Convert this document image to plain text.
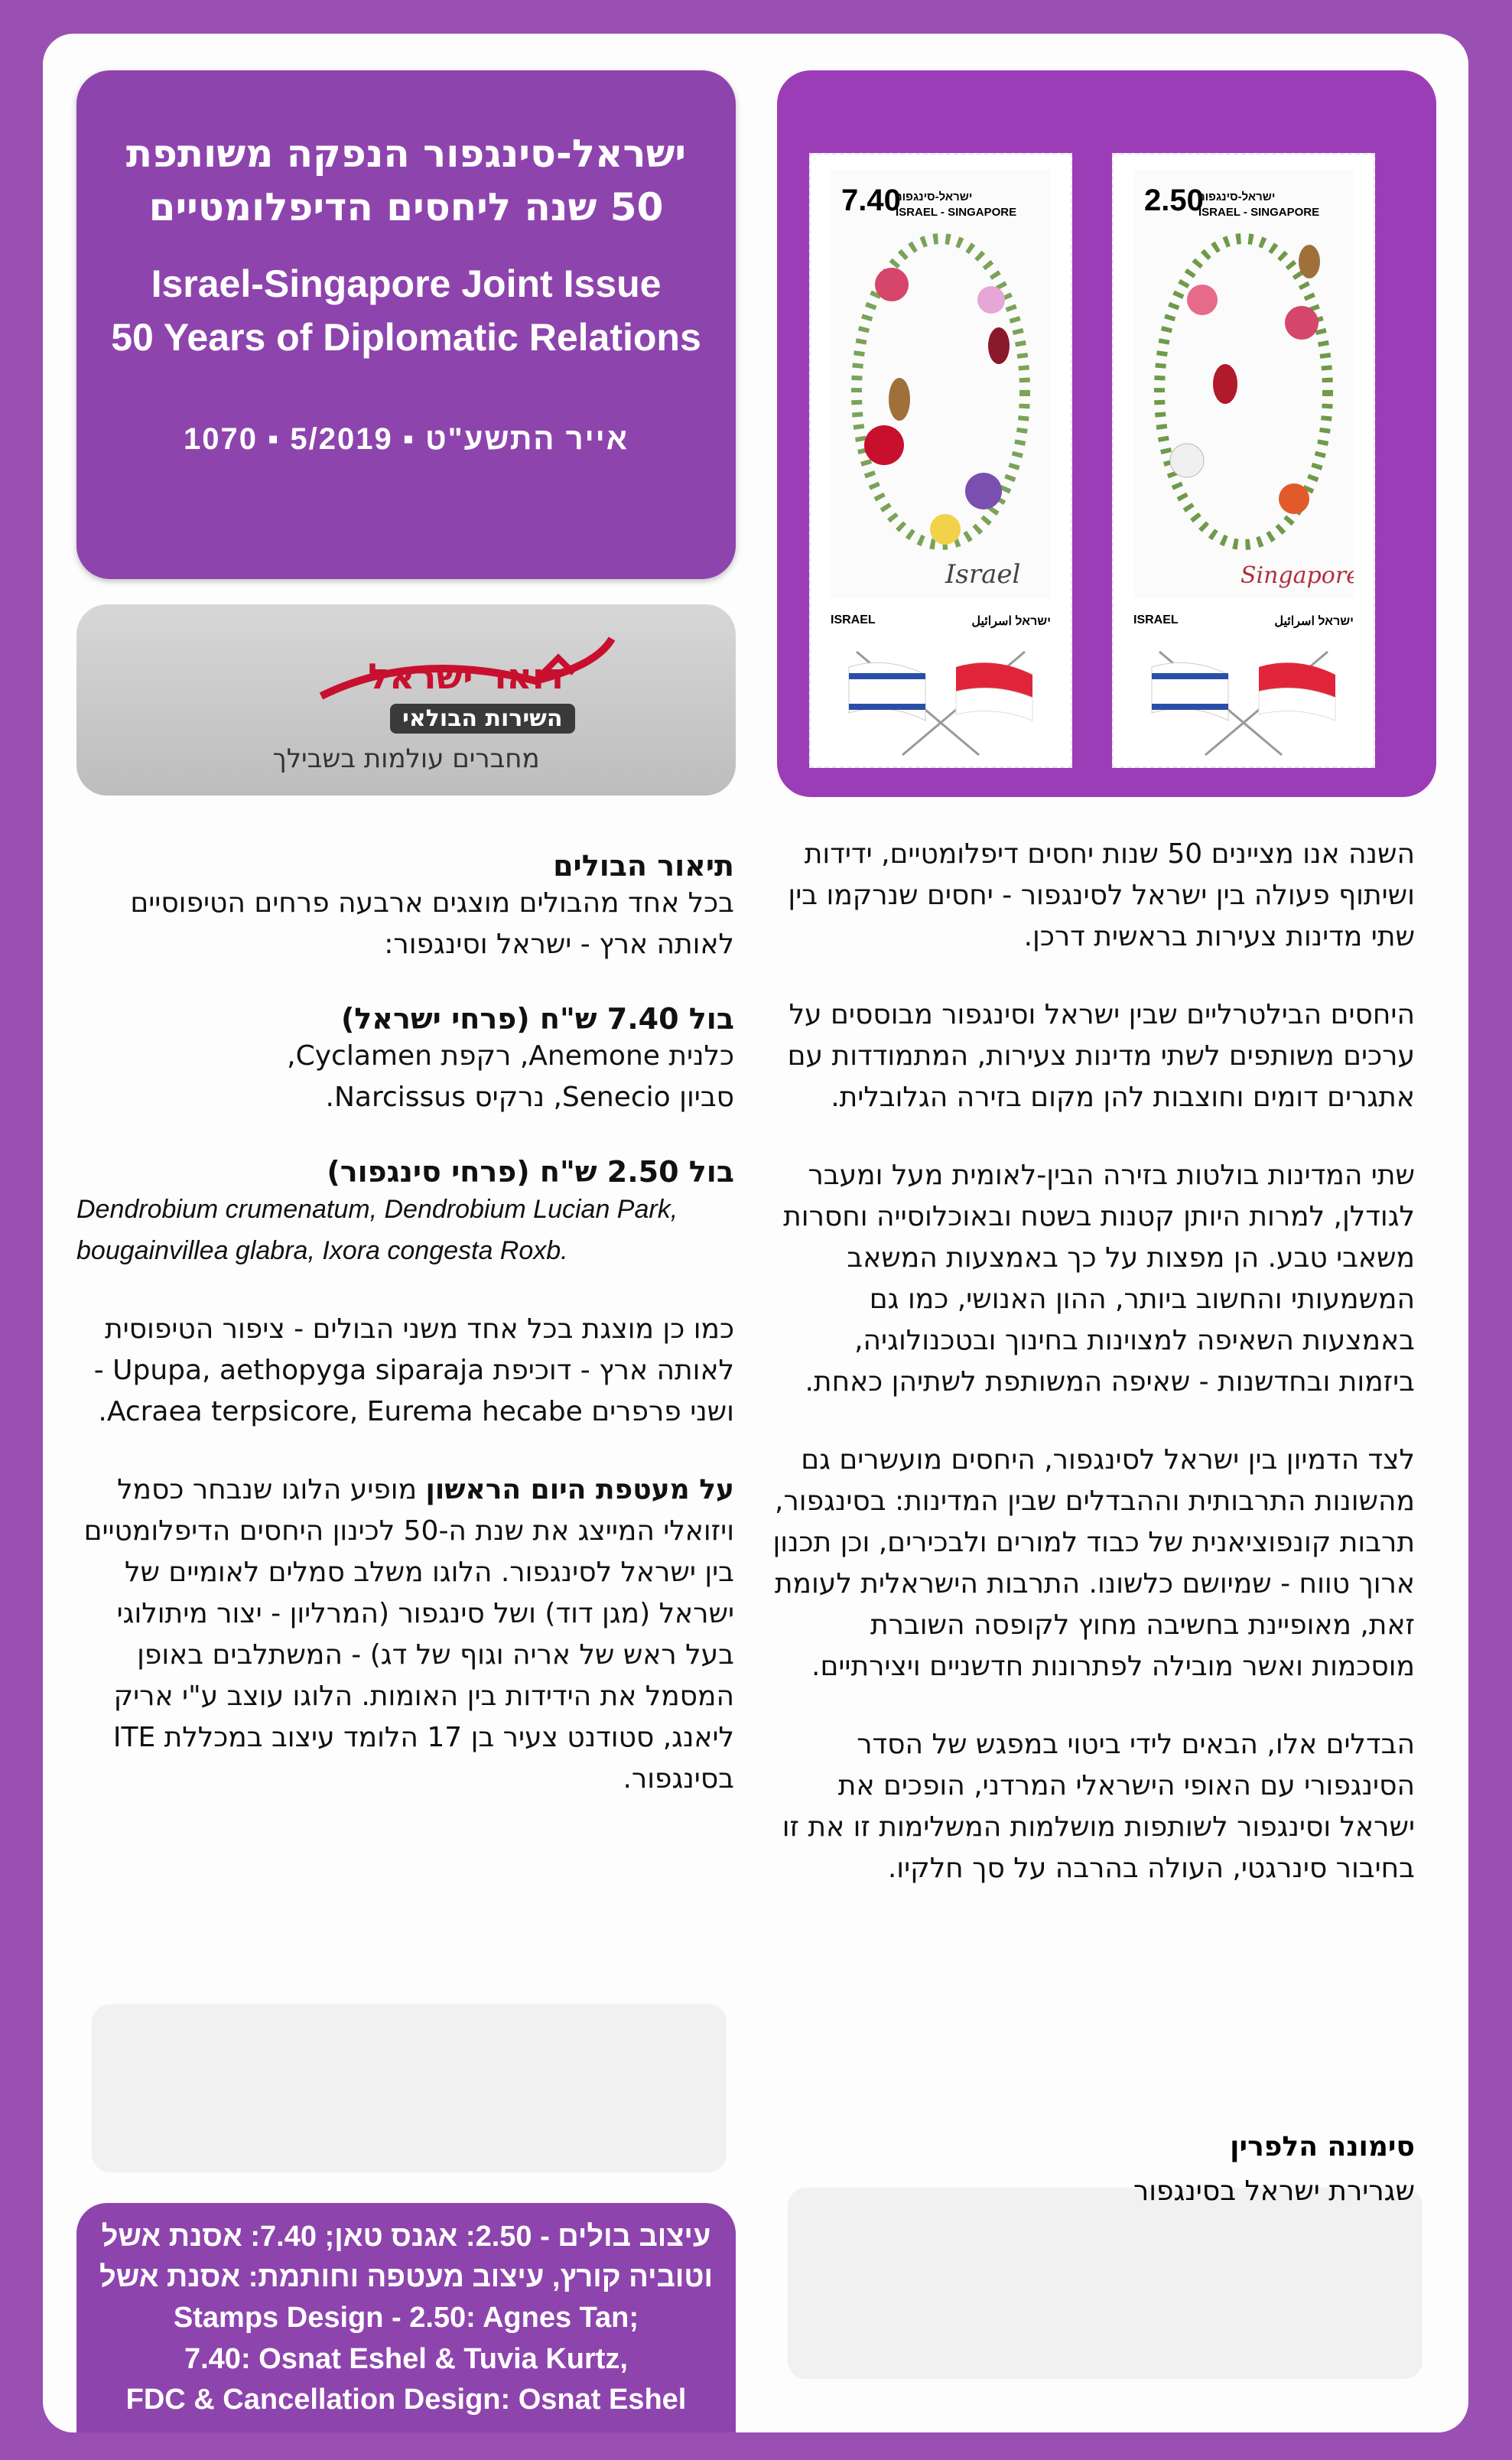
ישראל-סינגפור הנפקה משותפת
50 שנה ליחסים הדיפלומטיים
Israel-Singapore Joint Issue
50 Years of Diplomatic Relations
1070 ▪ 5/2019 ▪ אייר התשע"ט
דואר ישראל
השירות הבולאי
מחברים עולמות בשבילך
Israel
7.40
ישראל-סינגפור
ISRAEL - SINGAPORE
ISRAEL	ישראל اسرائيل
Singapore
2.50
ישראל-סינגפור
ISRAEL - SINGAPORE
ISRAEL	ישראל اسرائيل

השנה אנו מציינים 50 שנות יחסים דיפלומטיים, ידידות ושיתוף פעולה בין ישראל לסינגפור - יחסים שנרקמו בין שתי מדינות צעירות בראשית דרכן.

היחסים הבילטרליים שבין ישראל וסינגפור מבוססים על ערכים משותפים לשתי מדינות צעירות, המתמודדות עם אתגרים דומים וחוצבות להן מקום בזירה הגלובלית.

שתי המדינות בולטות בזירה הבין-לאומית מעל ומעבר לגודלן, למרות היותן קטנות בשטח ובאוכלוסייה וחסרות משאבי טבע. הן מפצות על כך באמצעות המשאב המשמעותי והחשוב ביותר, ההון האנושי, כמו גם באמצעות השאיפה למצוינות בחינוך ובטכנולוגיה, ביזמות ובחדשנות - שאיפה המשותפת לשתיהן כאחת.

לצד הדמיון בין ישראל לסינגפור, היחסים מועשרים גם מהשונות התרבותית וההבדלים שבין המדינות: בסינגפור, תרבות קונפוציאנית של כבוד למורים ולבכירים, וכן תכנון ארוך טווח - שמיושם כלשונו. התרבות הישראלית לעומת זאת, מאופיינת בחשיבה מחוץ לקופסה השוברת מוסכמות ואשר מובילה לפתרונות חדשניים ויצירתיים.

הבדלים אלו, הבאים לידי ביטוי במפגש של הסדר הסינגפורי עם האופי הישראלי המרדני, הופכים את ישראל וסינגפור לשותפות מושלמות המשלימות זו את זו בחיבור סינרגטי, העולה בהרבה על סך חלקיו.

סימונה הלפרין
שגרירת ישראל בסינגפור
תיאור הבולים

בכל אחד מהבולים מוצגים ארבעה פרחים הטיפוסיים לאותה ארץ - ישראל וסינגפור:

בול 7.40 ש"ח (פרחי ישראל)
כלנית Anemone, רקפת Cyclamen,

סביון Senecio, נרקיס Narcissus.

בול 2.50 ש"ח (פרחי סינגפור)

Dendrobium crumenatum, Dendrobium Lucian Park, bougainvillea glabra, Ixora congesta Roxb.

כמו כן מוצגת בכל אחד משני הבולים - ציפור הטיפוסית לאותה ארץ - דוכיפת Upupa, aethopyga siparaja - ושני פרפרים Acraea terpsicore, Eurema hecabe.

על מעטפת היום הראשון מופיע הלוגו שנבחר כסמל ויזואלי המייצג את שנת ה-50 לכינון היחסים הדיפלומטיים בין ישראל לסינגפור. הלוגו משלב סמלים לאומיים של ישראל (מגן דוד) ושל סינגפור (המרליון - יצור מיתולוגי בעל ראש של אריה וגוף של דג) - המשתלבים באופן המסמל את הידידות בין האומות. הלוגו עוצב ע"י אריק ליאנג, סטודנט צעיר בן 17 הלומד עיצוב במכללת ITE בסינגפור.

עיצוב בולים - 2.50: אגנס טאן; 7.40: אסנת אשל
וטוביה קורץ, עיצוב מעטפה וחותמת: אסנת אשל
Stamps Design - 2.50: Agnes Tan;
7.40: Osnat Eshel & Tuvia Kurtz,
FDC & Cancellation Design: Osnat Eshel
